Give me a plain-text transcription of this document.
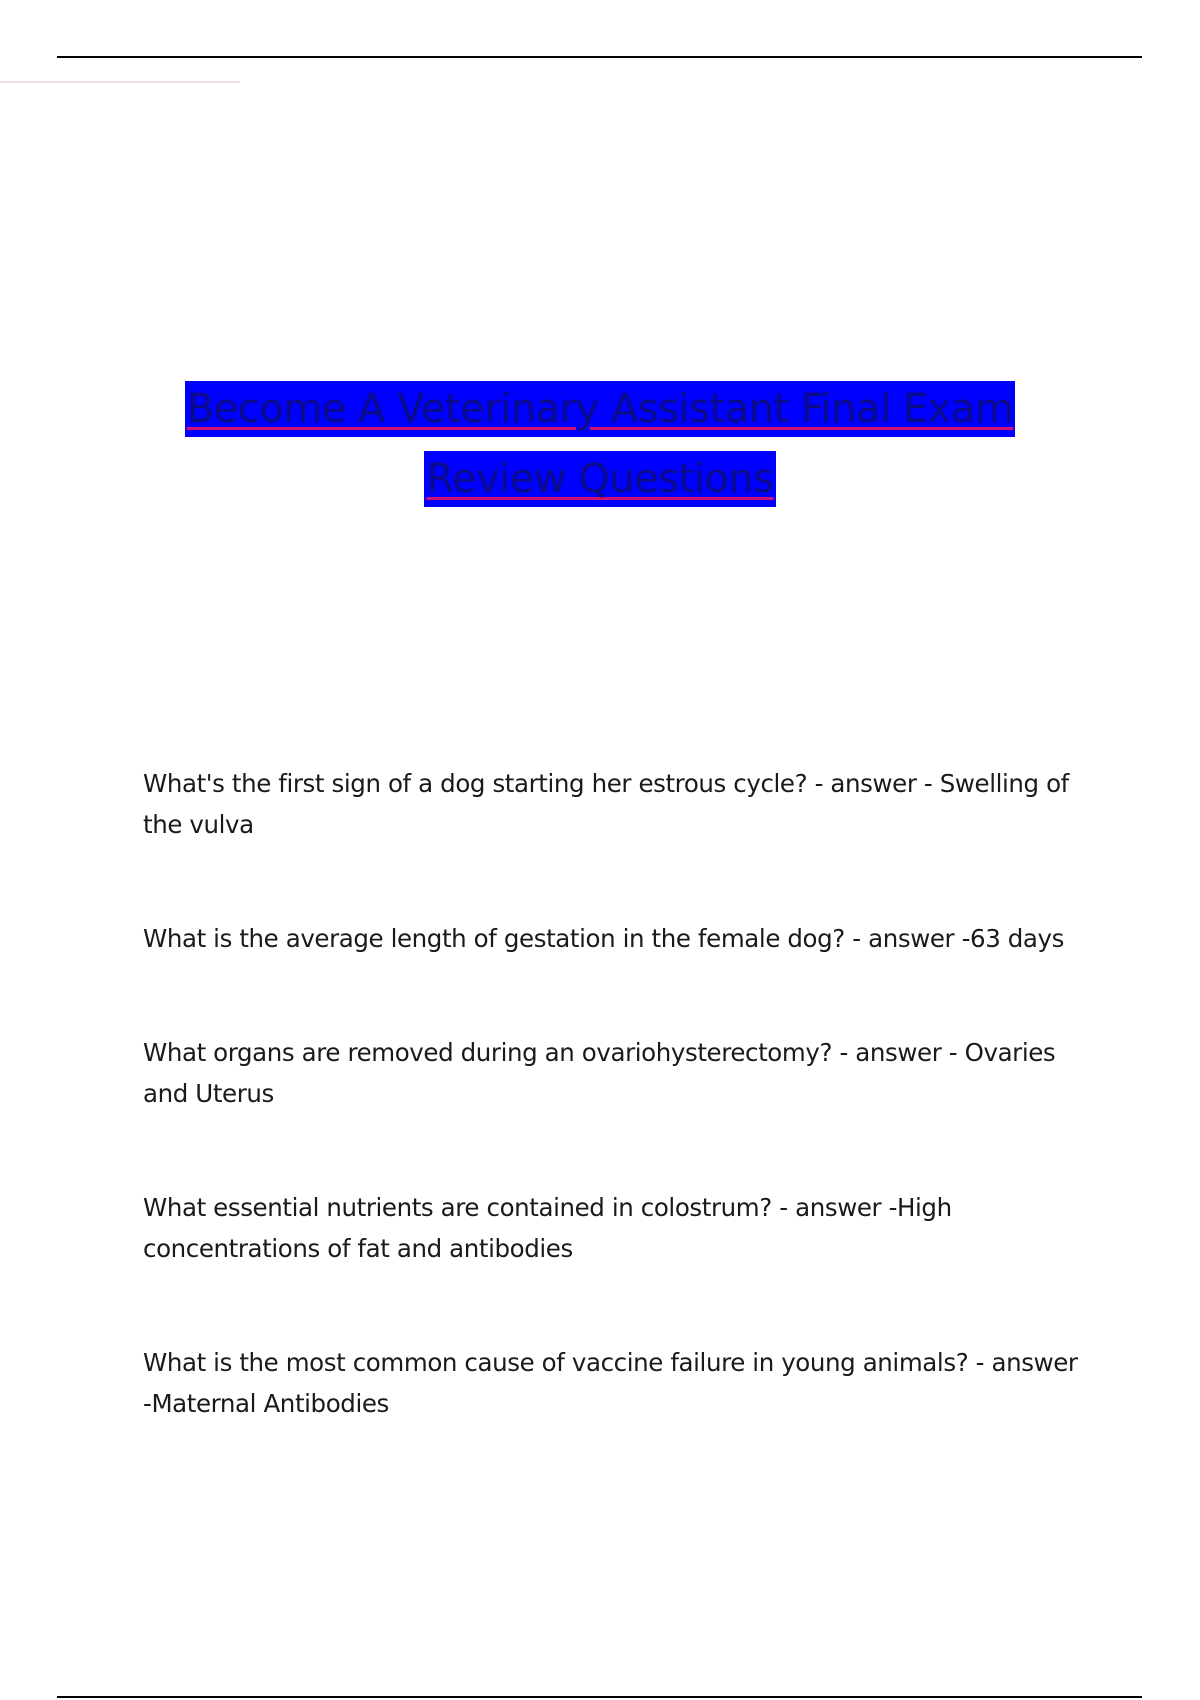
Become A Veterinary Assistant Final Exam
Review Questions
What's the first sign of a dog starting her estrous cycle? - answer - Swelling of the vulva
What is the average length of gestation in the female dog? - answer -63 days
What organs are removed during an ovariohysterectomy? - answer - Ovaries and Uterus
What essential nutrients are contained in colostrum? - answer -High concentrations of fat and antibodies
What is the most common cause of vaccine failure in young animals? - answer -Maternal Antibodies
